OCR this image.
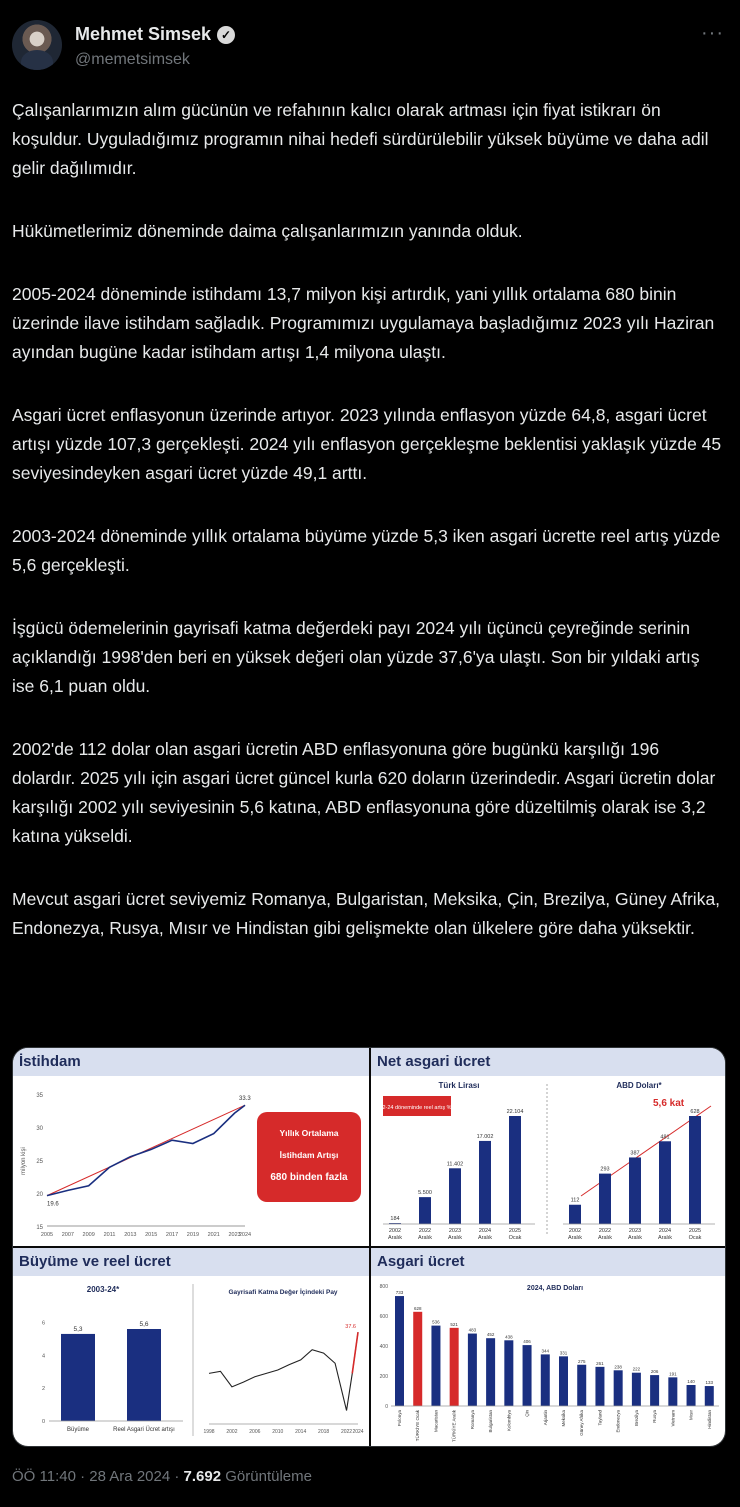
Mehmet Simsek ✓
@memetsimsek
···

Çalışanlarımızın alım gücünün ve refahının kalıcı olarak artması için fiyat istikrarı ön koşuldur. Uyguladığımız programın nihai hedefi sürdürülebilir yüksek büyüme ve daha adil gelir dağılımıdır.

Hükümetlerimiz döneminde daima çalışanlarımızın yanında olduk.

2005-2024 döneminde istihdamı 13,7 milyon kişi artırdık, yani yıllık ortalama 680 binin üzerinde ilave istihdam sağladık. Programımızı uygulamaya başladığımız 2023 yılı Haziran ayından bugüne kadar istihdam artışı 1,4 milyona ulaştı.

Asgari ücret enflasyonun üzerinde artıyor. 2023 yılında enflasyon yüzde 64,8, asgari ücret artışı yüzde 107,3 gerçekleşti. 2024 yılı enflasyon gerçekleşme beklentisi yaklaşık yüzde 45 seviyesindeyken asgari ücret yüzde 49,1 arttı.

2003-2024 döneminde yıllık ortalama büyüme yüzde 5,3 iken asgari ücrette reel artış yüzde 5,6 gerçekleşti.

İşgücü ödemelerinin gayrisafi katma değerdeki payı 2024 yılı üçüncü çeyreğinde serinin açıklandığı 1998'den beri en yüksek değeri olan yüzde 37,6'ya ulaştı. Son bir yıldaki artış ise 6,1 puan oldu.

2002'de 112 dolar olan asgari ücretin ABD enflasyonuna göre bugünkü karşılığı 196 dolardır. 2025 yılı için asgari ücret güncel kurla 620 doların üzerindedir. Asgari ücretin dolar karşılığı 2002 yılı seviyesinin 5,6 katına, ABD enflasyonuna göre düzeltilmiş olarak ise 3,2 katına yükseldi.

Mevcut asgari ücret seviyemiz Romanya, Bulgaristan, Meksika, Çin, Brezilya, Güney Afrika, Endonezya, Rusya, Mısır ve Hindistan gibi gelişmekte olan ülkelere göre daha yüksektir.

İstihdam
15
20
25
30
35
2005 2007 2009 2011 2013 2015 2017 2019 2021 2023
2024
19.6
33.3
milyon kişi
Yıllık Ortalama
İstihdam Artışı
680 binden fazla
Net asgari ücret
Türk Lirası
2002-24 döneminde reel artış %218
184
2002
Aralık
5.500
2022
Aralık
11.402
2023
Aralık
17.002
2024
Aralık
22.104
2025
Ocak
ABD Doları*
5,6 kat
112
2002
Aralık
293
2022
Aralık
387
2023
Aralık
481
2024
Aralık
628
2025
Ocak
Büyüme ve reel ücret
2003-24*
5,3
Büyüme
5,6
Reel Asgari Ücret artışı
0
2
4
6
Gayrisafi Katma Değer İçindeki Pay
1998 2002 2006 2010 2014 2018 2022 2024
37.6
Asgari ücret
2024, ABD Doları
0
200
400
600
800
733
Polonya
628
TÜRKİYE Ocak
536
Macaristan
521
TÜRKİYE Aralık
483
Romanya
452
Bulgaristan
438
Kolombiya
406
Çin
344
Arjantin
331
Meksika
275
Güney Afrika
261
Tayland
238
Endonezya
222
Brezilya
206
Rusya
191
Vietnam
140
Mısır
133
Hindistan
ÖÖ 11:40 · 28 Ara 2024 · 7.692 Görüntüleme
